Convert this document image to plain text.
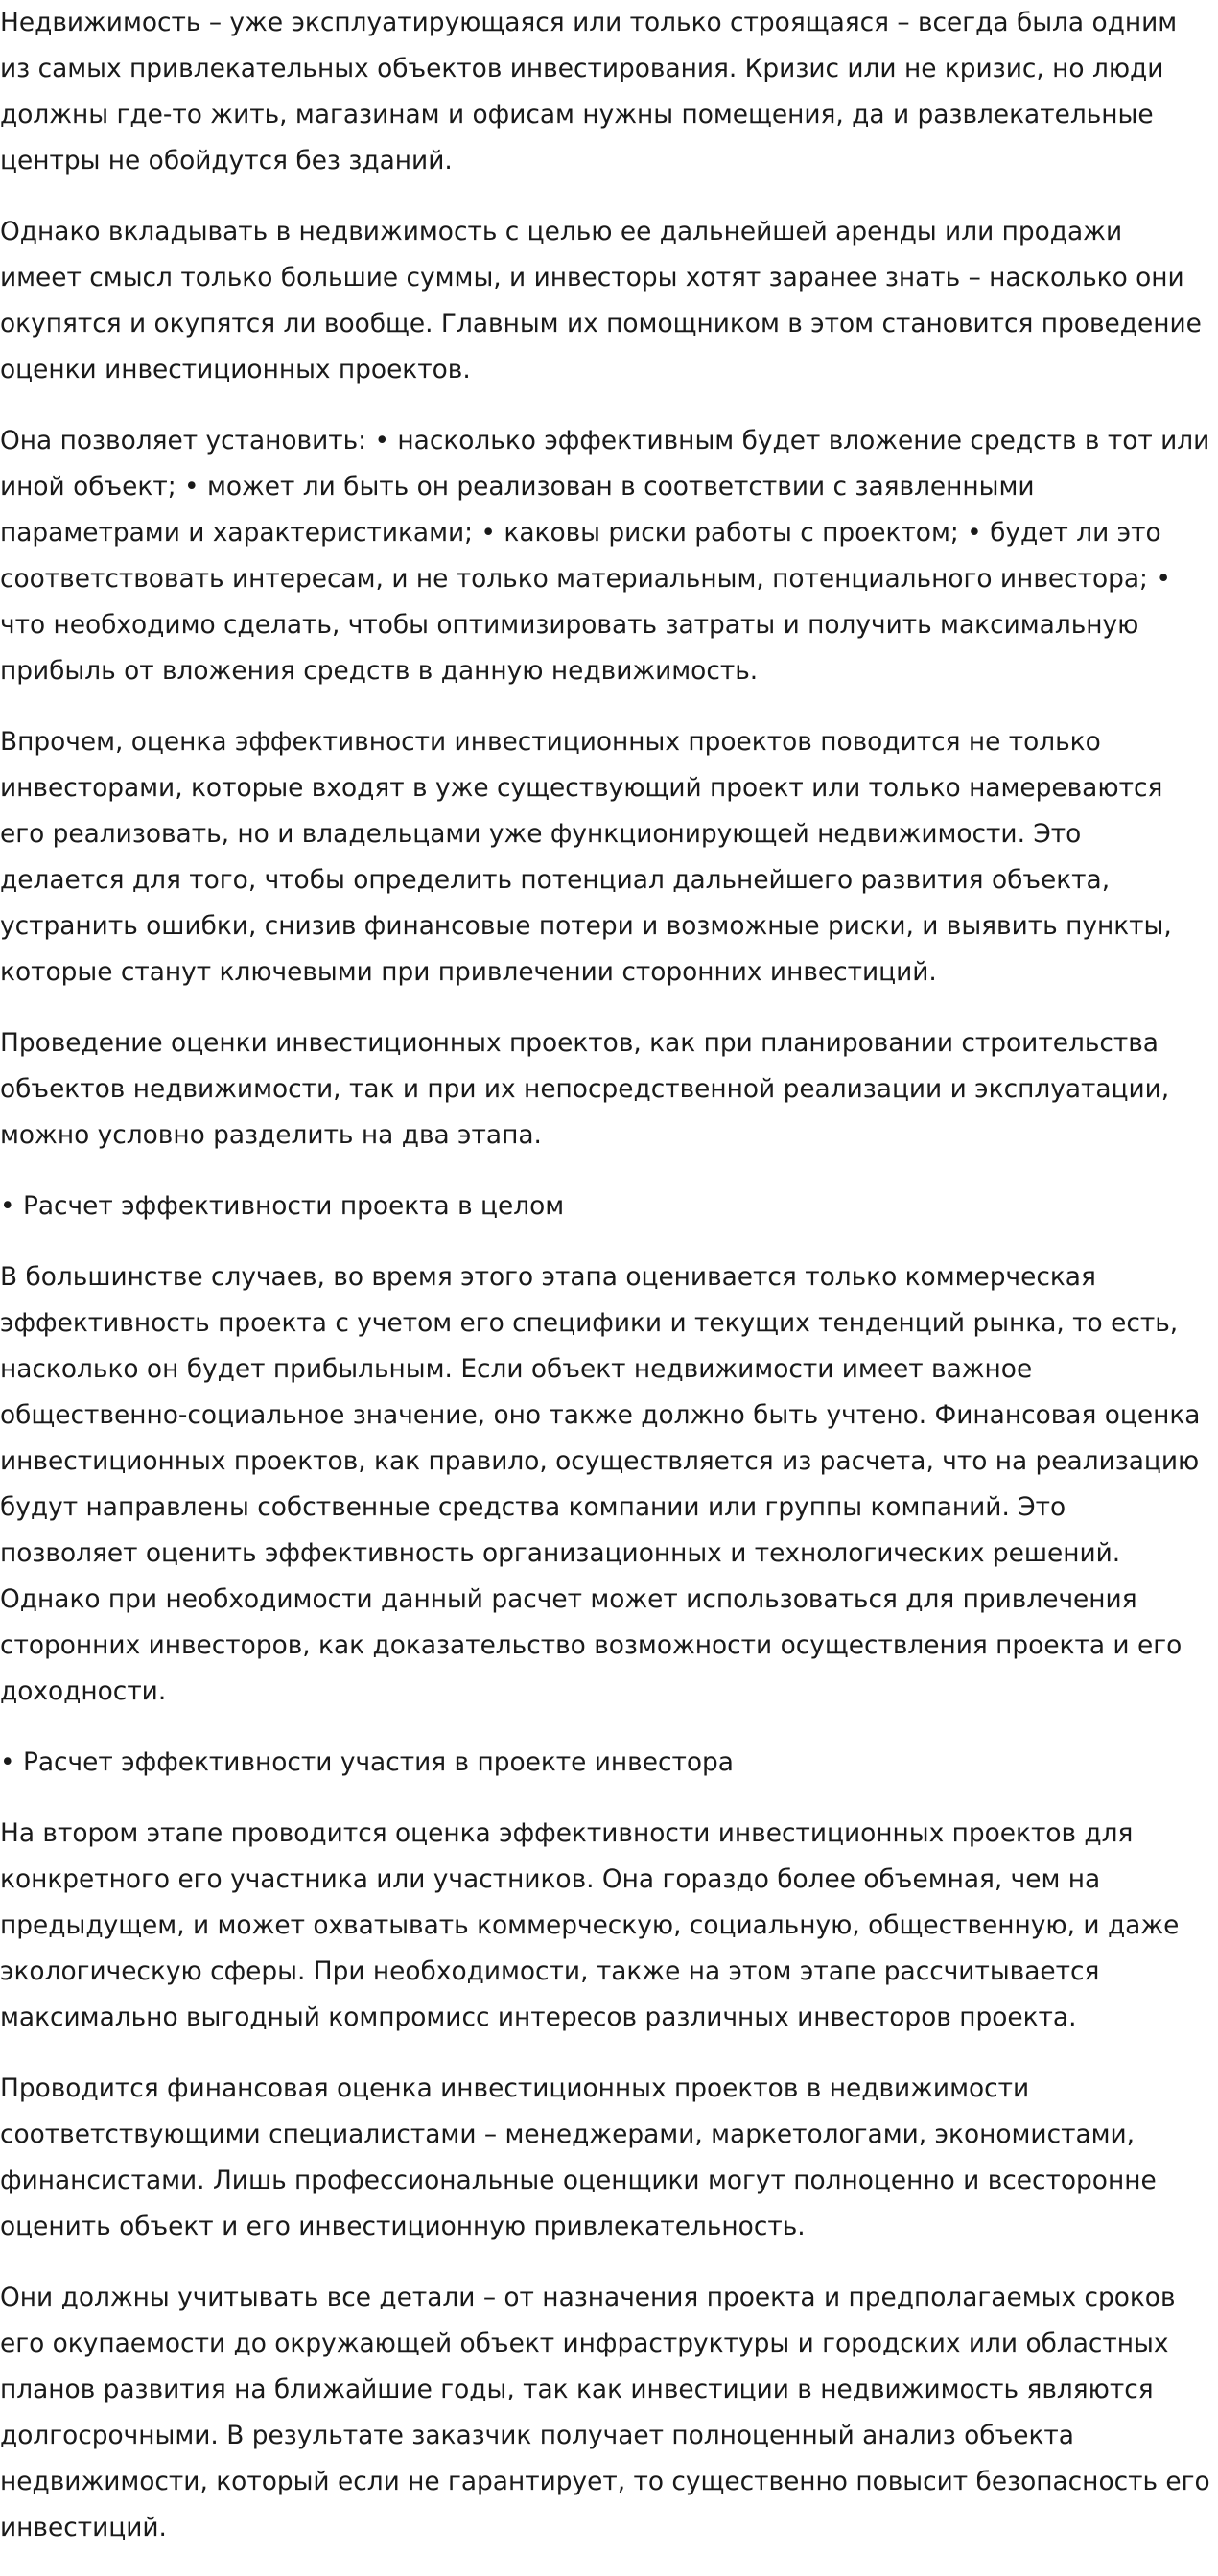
Недвижимость – уже эксплуатирующаяся или только строящаяся – всегда была одним из самых привлекательных объектов инвестирования. Кризис или не кризис, но люди должны где-то жить, магазинам и офисам нужны помещения, да и развлекательные центры не обойдутся без зданий.

Однако вкладывать в недвижимость с целью ее дальнейшей аренды или продажи имеет смысл только большие суммы, и инвесторы хотят заранее знать – насколько они окупятся и окупятся ли вообще. Главным их помощником в этом становится проведение оценки инвестиционных проектов.

Она позволяет установить: • насколько эффективным будет вложение средств в тот или иной объект; • может ли быть он реализован в соответствии с заявленными параметрами и характеристиками; • каковы риски работы с проектом; • будет ли это соответствовать интересам, и не только материальным, потенциального инвестора; • что необходимо сделать, чтобы оптимизировать затраты и получить максимальную прибыль от вложения средств в данную недвижимость.

Впрочем, оценка эффективности инвестиционных проектов поводится не только инвесторами, которые входят в уже существующий проект или только намереваются его реализовать, но и владельцами уже функционирующей недвижимости. Это делается для того, чтобы определить потенциал дальнейшего развития объекта, устранить ошибки, снизив финансовые потери и возможные риски, и выявить пункты, которые станут ключевыми при привлечении сторонних инвестиций.

Проведение оценки инвестиционных проектов, как при планировании строительства объектов недвижимости, так и при их непосредственной реализации и эксплуатации, можно условно разделить на два этапа.

• Расчет эффективности проекта в целом

В большинстве случаев, во время этого этапа оценивается только коммерческая эффективность проекта с учетом его специфики и текущих тенденций рынка, то есть, насколько он будет прибыльным. Если объект недвижимости имеет важное общественно-социальное значение, оно также должно быть учтено. Финансовая оценка инвестиционных проектов, как правило, осуществляется из расчета, что на реализацию будут направлены собственные средства компании или группы компаний. Это позволяет оценить эффективность организационных и технологических решений. Однако при необходимости данный расчет может использоваться для привлечения сторонних инвесторов, как доказательство возможности осуществления проекта и его доходности.

• Расчет эффективности участия в проекте инвестора

На втором этапе проводится оценка эффективности инвестиционных проектов для конкретного его участника или участников. Она гораздо более объемная, чем на предыдущем, и может охватывать коммерческую, социальную, общественную, и даже экологическую сферы. При необходимости, также на этом этапе рассчитывается максимально выгодный компромисс интересов различных инвесторов проекта.

Проводится финансовая оценка инвестиционных проектов в недвижимости соответствующими специалистами – менеджерами, маркетологами, экономистами, финансистами. Лишь профессиональные оценщики могут полноценно и всесторонне оценить объект и его инвестиционную привлекательность.

Они должны учитывать все детали – от назначения проекта и предполагаемых сроков его окупаемости до окружающей объект инфраструктуры и городских или областных планов развития на ближайшие годы, так как инвестиции в недвижимость являются долгосрочными. В результате заказчик получает полноценный анализ объекта недвижимости, который если не гарантирует, то существенно повысит безопасность его инвестиций.
